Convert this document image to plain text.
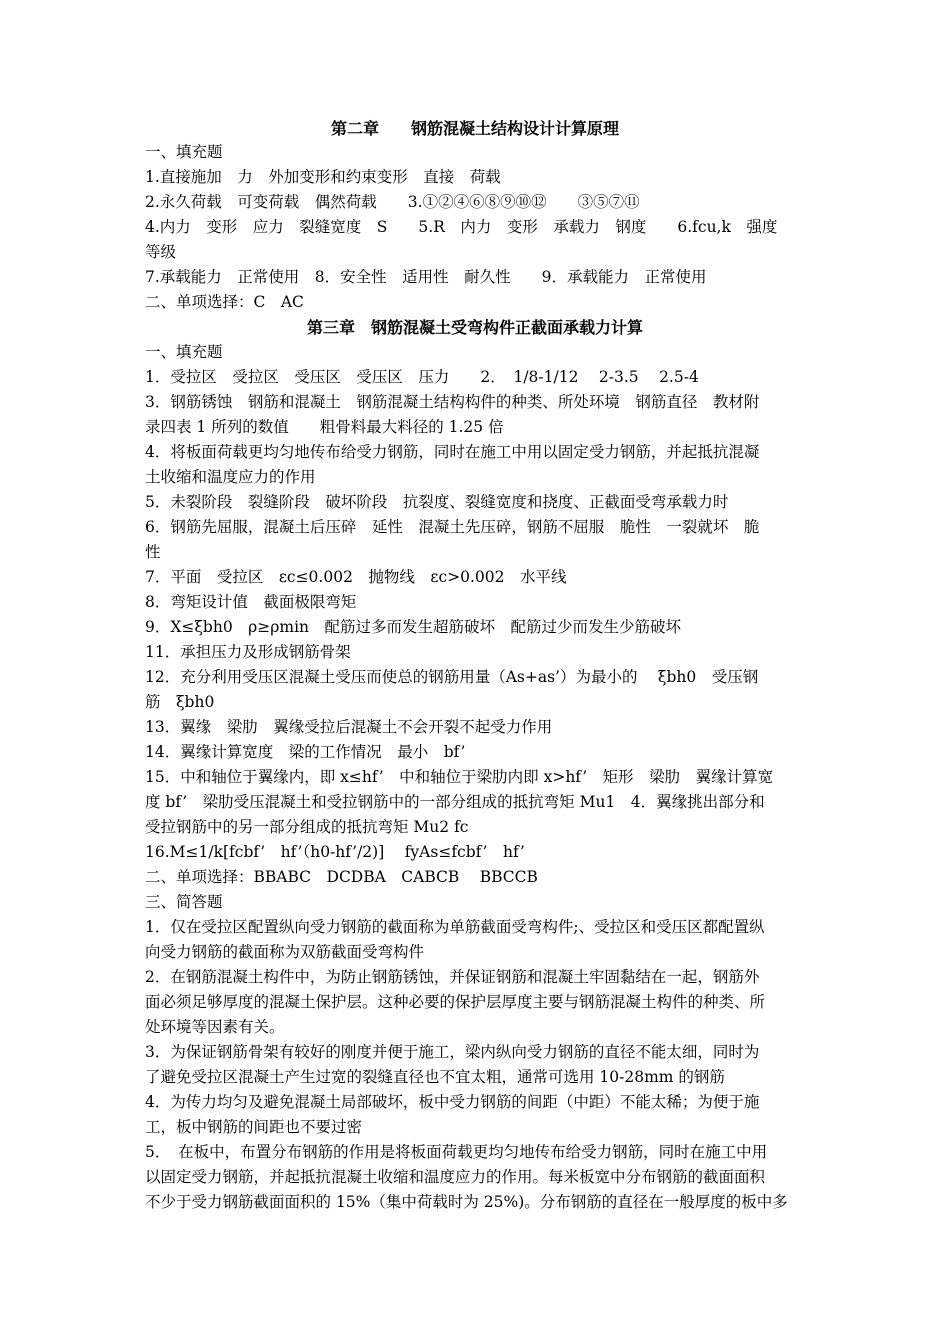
第二章　　钢筋混凝土结构设计计算原理
一、填充题
1.直接施加　力　外加变形和约束变形　直接　荷载
2.永久荷载　可变荷载　偶然荷载　　3.①②④⑥⑧⑨⑩⑫　　③⑤⑦⑪
4.内力　变形　应力　裂缝宽度　S　　5.R　内力　变形　承载力　钢度　　6.fcu,k　强度
等级
7.承载能力　正常使用　8．安全性　适用性　耐久性　　9．承载能力　正常使用
二、单项选择：C　AC
第三章　钢筋混凝土受弯构件正截面承载力计算
一、填充题
1．受拉区　受拉区　受压区　受压区　压力　　2．　1/8-1/12　 2-3.5　 2.5-4
3．钢筋锈蚀　钢筋和混凝土　钢筋混凝土结构构件的种类、所处环境　钢筋直径　教材附
录四表 1 所列的数值　　粗骨料最大料径的 1.25 倍
4．将板面荷载更均匀地传布给受力钢筋，同时在施工中用以固定受力钢筋，并起抵抗混凝
土收缩和温度应力的作用
5．未裂阶段　裂缝阶段　破坏阶段　抗裂度、裂缝宽度和挠度、正截面受弯承载力时
6．钢筋先屈服，混凝土后压碎　延性　混凝土先压碎，钢筋不屈服　脆性　一裂就坏　脆
性
7．平面　受拉区　εc≤0.002　抛物线　εc>0.002　水平线
8．弯矩设计值　截面极限弯矩
9．X≤ξbh0　ρ≥ρmin　配筋过多而发生超筋破坏　配筋过少而发生少筋破坏
11．承担压力及形成钢筋骨架
12．充分利用受压区混凝土受压而使总的钢筋用量（As+as’）为最小的　 ξbh0　受压钢
筋　ξbh0
13．翼缘　梁肋　翼缘受拉后混凝土不会开裂不起受力作用
14．翼缘计算宽度　梁的工作情况　最小　bf’
15．中和轴位于翼缘内，即 x≤hf’　中和轴位于梁肋内即 x>hf’　矩形　梁肋　翼缘计算宽
度 bf’　梁肋受压混凝土和受拉钢筋中的一部分组成的抵抗弯矩 Mu1　4．翼缘挑出部分和
受拉钢筋中的另一部分组成的抵抗弯矩 Mu2 fc
16.M≤1/k[fcbf’　hf’（h0-hf’/2)]　 fyAs≤fcbf’　hf’
二、单项选择：BBABC　DCDBA　CABCB　 BBCCB
三、简答题
1．仅在受拉区配置纵向受力钢筋的截面称为单筋截面受弯构件;、受拉区和受压区都配置纵
向受力钢筋的截面称为双筋截面受弯构件
2．在钢筋混凝土构件中，为防止钢筋锈蚀，并保证钢筋和混凝土牢固黏结在一起，钢筋外
面必须足够厚度的混凝土保护层。这种必要的保护层厚度主要与钢筋混凝土构件的种类、所
处环境等因素有关。
3．为保证钢筋骨架有较好的刚度并便于施工，梁内纵向受力钢筋的直径不能太细，同时为
了避免受拉区混凝土产生过宽的裂缝直径也不宜太粗，通常可选用 10-28mm 的钢筋
4．为传力均匀及避免混凝土局部破坏，板中受力钢筋的间距（中距）不能太稀；为便于施
工，板中钢筋的间距也不要过密
5．　在板中，布置分布钢筋的作用是将板面荷载更均匀地传布给受力钢筋，同时在施工中用
以固定受力钢筋，并起抵抗混凝土收缩和温度应力的作用。每米板宽中分布钢筋的截面面积
不少于受力钢筋截面面积的 15%（集中荷载时为 25%)。分布钢筋的直径在一般厚度的板中多
